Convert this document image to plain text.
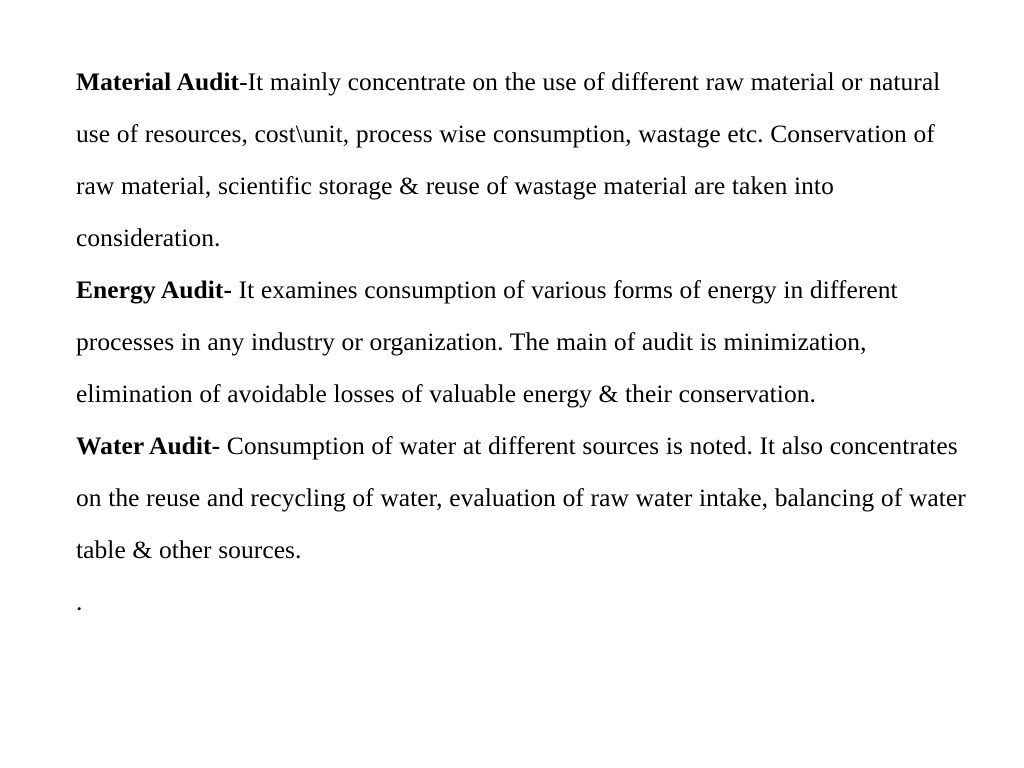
Material Audit-It mainly concentrate on the use of different raw material or natural use of resources, cost\unit, process wise consumption, wastage etc. Conservation of raw material, scientific storage & reuse of wastage material are taken into consideration.

Energy Audit- It examines consumption of various forms of energy in different processes in any industry or organization. The main of audit is minimization, elimination of avoidable losses of valuable energy & their conservation.

Water Audit- Consumption of water at different sources is noted. It also concentrates on the reuse and recycling of water, evaluation of raw water intake, balancing of water table & other sources.

.
